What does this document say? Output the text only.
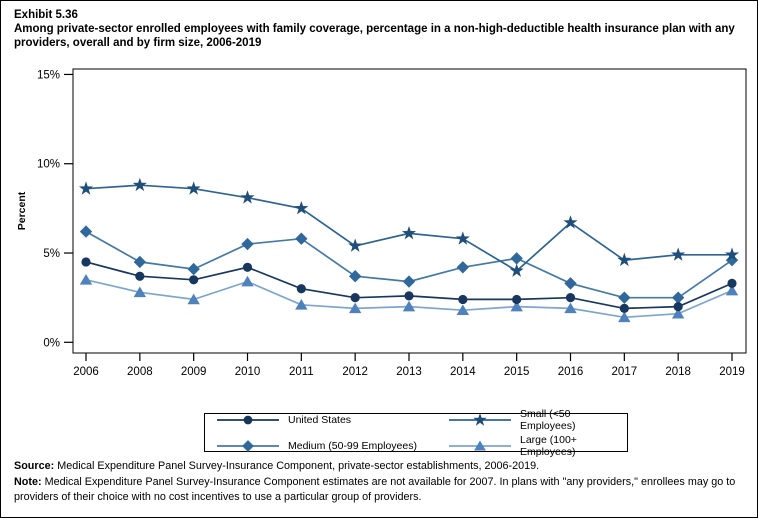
Exhibit 5.36
Among private-sector enrolled employees with family coverage, percentage in a non-high-deductible health insurance plan with any providers, overall and by firm size, 2006-2019
0%
5%
10%
15%
Percent
2006 2008 2009 2010 2011 2012 2013 2014 2015 2016 2017 2018 2019
United States	Small (<50 Employees)
Medium (50-99 Employees)	Large (100+ Employees)

Source: Medical Expenditure Panel Survey-Insurance Component, private-sector establishments, 2006-2019.

Note: Medical Expenditure Panel Survey-Insurance Component estimates are not available for 2007. In plans with "any providers," enrollees may go to providers of their choice with no cost incentives to use a particular group of providers.
